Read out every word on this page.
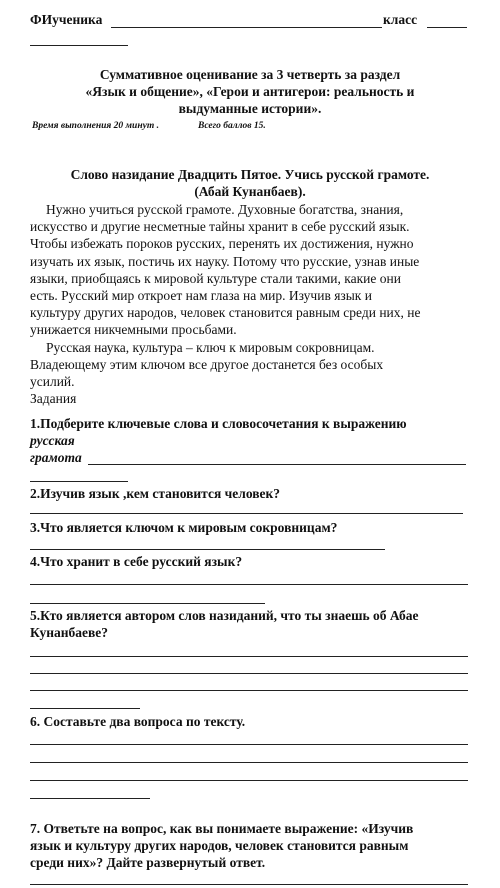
ФИученика	класс
Суммативное оценивание за 3 четверть за раздел
«Язык и общение», «Герои и антигерои: реальность и
выдуманные истории».
Время выполнения 20 минут .	Всего баллов 15.
Слово назидание Двадцить Пятое. Учись русской грамоте.
(Абай Кунанбаев).
Нужно учиться русской грамоте. Духовные богатства, знания,
искусство и другие несметные тайны хранит в себе русский язык.
Чтобы избежать пороков русских, перенять их достижения, нужно
изучать их язык, постичь их науку. Потому что русские, узнав иные
языки, приобщаясь к мировой культуре стали такими, какие они
есть. Русский мир откроет нам глаза на мир. Изучив язык и
культуру других народов, человек становится равным среди них, не
унижается никчемными просьбами.
Русская наука, культура – ключ к мировым сокровницам.
Владеющему этим ключом все другое достанется без особых
усилий.
Задания
1.Подберите ключевые слова и словосочетания к выражению
русская
грамота
2.Изучив язык ,кем становится человек?
3.Что является ключом к мировым сокровницам?
4.Что хранит в себе русский язык?
5.Кто является автором слов назиданий, что ты знаешь об Абае
Кунанбаеве?
6. Составьте два вопроса по тексту.
7. Ответьте на вопрос, как вы понимаете выражение: «Изучив
язык и культуру других народов, человек становится равным
среди них»? Дайте развернутый ответ.
